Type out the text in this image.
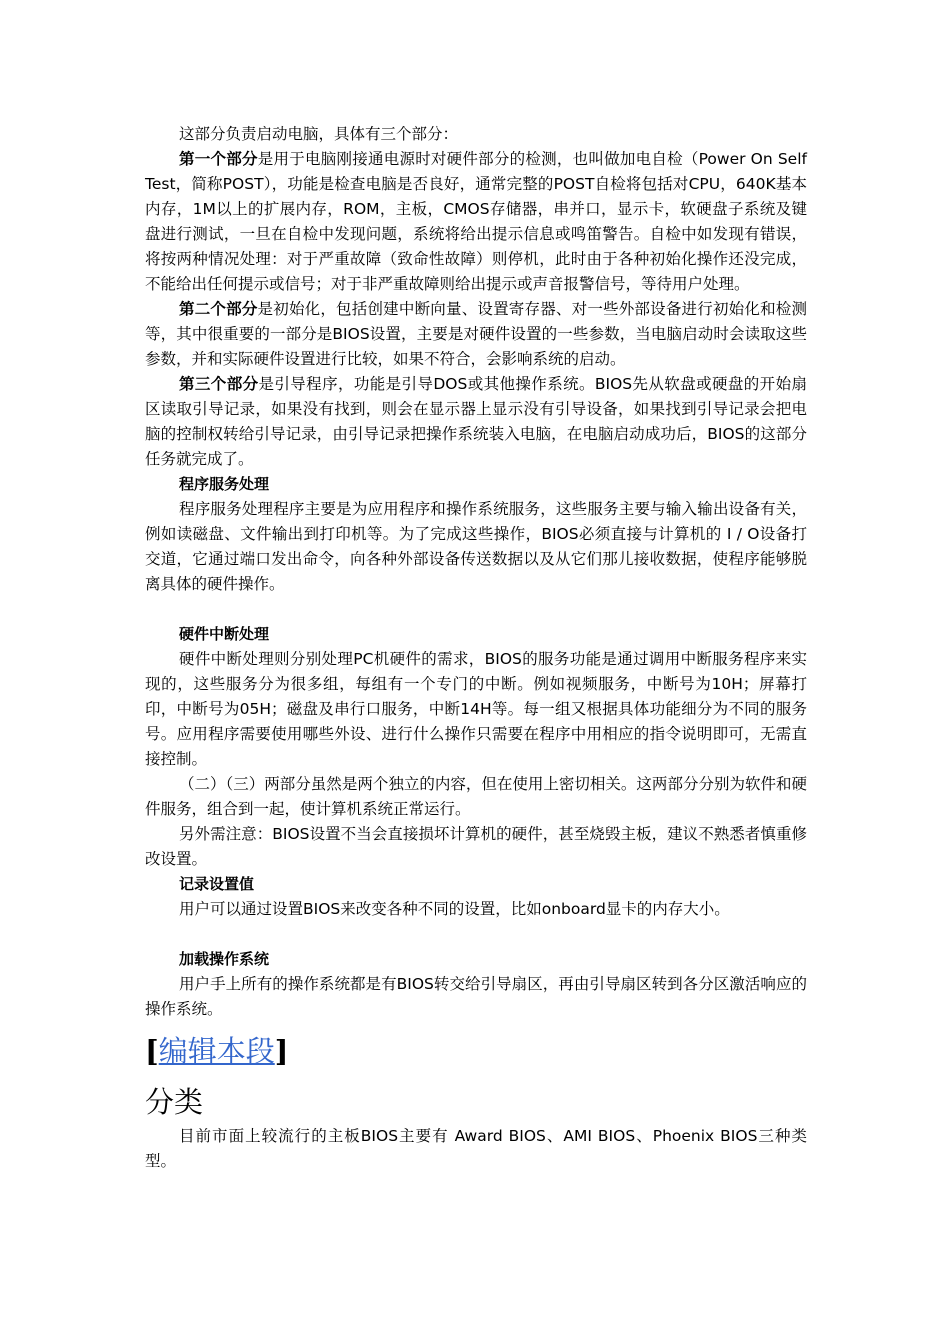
这部分负责启动电脑，具体有三个部分：

第一个部分是用于电脑刚接通电源时对硬件部分的检测，也叫做加电自检（Power On Self Test，简称POST），功能是检查电脑是否良好，通常完整的POST自检将包括对CPU，640K基本内存，1M以上的扩展内存，ROM，主板，CMOS存储器，串并口，显示卡，软硬盘子系统及键盘进行测试，一旦在自检中发现问题，系统将给出提示信息或鸣笛警告。自检中如发现有错误，将按两种情况处理：对于严重故障（致命性故障）则停机，此时由于各种初始化操作还没完成，不能给出任何提示或信号；对于非严重故障则给出提示或声音报警信号，等待用户处理。

第二个部分是初始化，包括创建中断向量、设置寄存器、对一些外部设备进行初始化和检测等，其中很重要的一部分是BIOS设置，主要是对硬件设置的一些参数，当电脑启动时会读取这些参数，并和实际硬件设置进行比较，如果不符合，会影响系统的启动。

第三个部分是引导程序，功能是引导DOS或其他操作系统。BIOS先从软盘或硬盘的开始扇区读取引导记录，如果没有找到，则会在显示器上显示没有引导设备，如果找到引导记录会把电脑的控制权转给引导记录，由引导记录把操作系统装入电脑，在电脑启动成功后，BIOS的这部分任务就完成了。

程序服务处理

程序服务处理程序主要是为应用程序和操作系统服务，这些服务主要与输入输出设备有关，例如读磁盘、文件输出到打印机等。为了完成这些操作，BIOS必须直接与计算机的 I / O设备打交道，它通过端口发出命令，向各种外部设备传送数据以及从它们那儿接收数据，使程序能够脱离具体的硬件操作。

硬件中断处理

硬件中断处理则分别处理PC机硬件的需求，BIOS的服务功能是通过调用中断服务程序来实现的，这些服务分为很多组，每组有一个专门的中断。例如视频服务，中断号为10H；屏幕打印，中断号为05H；磁盘及串行口服务，中断14H等。每一组又根据具体功能细分为不同的服务号。应用程序需要使用哪些外设、进行什么操作只需要在程序中用相应的指令说明即可，无需直接控制。

（二）（三）两部分虽然是两个独立的内容，但在使用上密切相关。这两部分分别为软件和硬件服务，组合到一起，使计算机系统正常运行。

另外需注意：BIOS设置不当会直接损坏计算机的硬件，甚至烧毁主板，建议不熟悉者慎重修改设置。

记录设置值

用户可以通过设置BIOS来改变各种不同的设置，比如onboard显卡的内存大小。

加载操作系统

用户手上所有的操作系统都是有BIOS转交给引导扇区，再由引导扇区转到各分区激活响应的操作系统。

[编辑本段]
分类

目前市面上较流行的主板BIOS主要有 Award BIOS、AMI BIOS、Phoenix BIOS三种类型。
